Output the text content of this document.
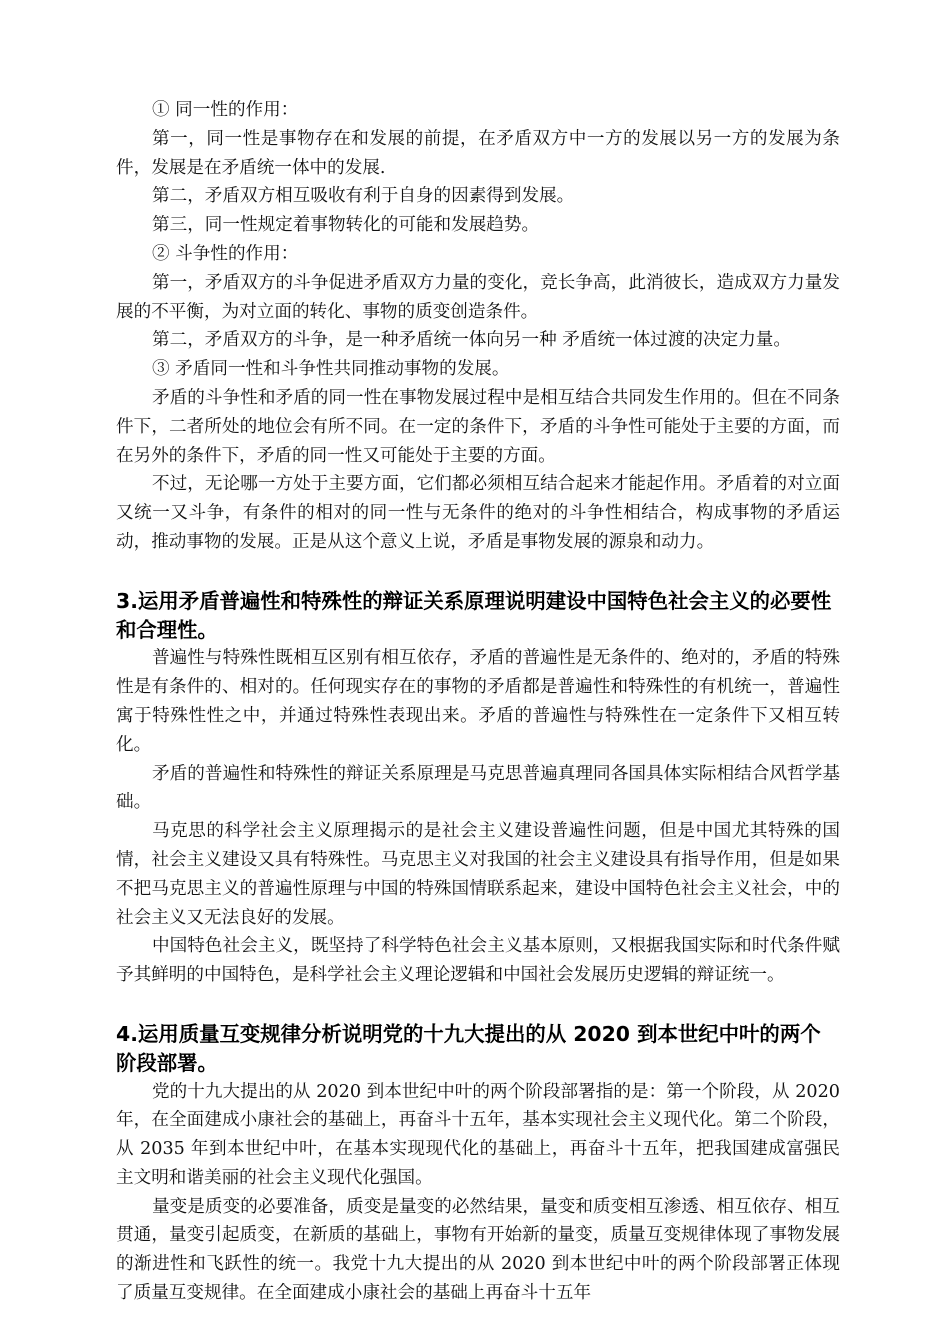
① 同一性的作用：

第一，同一性是事物存在和发展的前提，在矛盾双方中一方的发展以另一方的发展为条件，发展是在矛盾统一体中的发展.

第二，矛盾双方相互吸收有利于自身的因素得到发展。

第三，同一性规定着事物转化的可能和发展趋势。

② 斗争性的作用：

第一，矛盾双方的斗争促进矛盾双方力量的变化，竞长争高，此消彼长，造成双方力量发展的不平衡，为对立面的转化、事物的质变创造条件。

第二，矛盾双方的斗争，是一种矛盾统一体向另一种 矛盾统一体过渡的决定力量。

③ 矛盾同一性和斗争性共同推动事物的发展。

矛盾的斗争性和矛盾的同一性在事物发展过程中是相互结合共同发生作用的。但在不同条件下，二者所处的地位会有所不同。在一定的条件下，矛盾的斗争性可能处于主要的方面，而在另外的条件下，矛盾的同一性又可能处于主要的方面。

不过，无论哪一方处于主要方面，它们都必须相互结合起来才能起作用。矛盾着的对立面又统一又斗争，有条件的相对的同一性与无条件的绝对的斗争性相结合，构成事物的矛盾运动，推动事物的发展。正是从这个意义上说，矛盾是事物发展的源泉和动力。

3.运用矛盾普遍性和特殊性的辩证关系原理说明建设中国特色社会主义的必要性和合理性。

普遍性与特殊性既相互区别有相互依存，矛盾的普遍性是无条件的、绝对的，矛盾的特殊性是有条件的、相对的。任何现实存在的事物的矛盾都是普遍性和特殊性的有机统一，普遍性寓于特殊性性之中，并通过特殊性表现出来。矛盾的普遍性与特殊性在一定条件下又相互转化。

矛盾的普遍性和特殊性的辩证关系原理是马克思普遍真理同各国具体实际相结合风哲学基础。

马克思的科学社会主义原理揭示的是社会主义建设普遍性问题，但是中国尤其特殊的国情，社会主义建设又具有特殊性。马克思主义对我国的社会主义建设具有指导作用，但是如果不把马克思主义的普遍性原理与中国的特殊国情联系起来，建设中国特色社会主义社会，中的社会主义又无法良好的发展。

中国特色社会主义，既坚持了科学特色社会主义基本原则，又根据我国实际和时代条件赋予其鲜明的中国特色，是科学社会主义理论逻辑和中国社会发展历史逻辑的辩证统一。

4.运用质量互变规律分析说明党的十九大提出的从 2020 到本世纪中叶的两个阶段部署。

党的十九大提出的从 2020 到本世纪中叶的两个阶段部署指的是：第一个阶段，从 2020 年，在全面建成小康社会的基础上，再奋斗十五年，基本实现社会主义现代化。第二个阶段，从 2035 年到本世纪中叶，在基本实现现代化的基础上，再奋斗十五年，把我国建成富强民主文明和谐美丽的社会主义现代化强国。

量变是质变的必要准备，质变是量变的必然结果，量变和质变相互渗透、相互依存、相互贯通，量变引起质变，在新质的基础上，事物有开始新的量变，质量互变规律体现了事物发展的渐进性和飞跃性的统一。我党十九大提出的从 2020 到本世纪中叶的两个阶段部署正体现了质量互变规律。在全面建成小康社会的基础上再奋斗十五年
